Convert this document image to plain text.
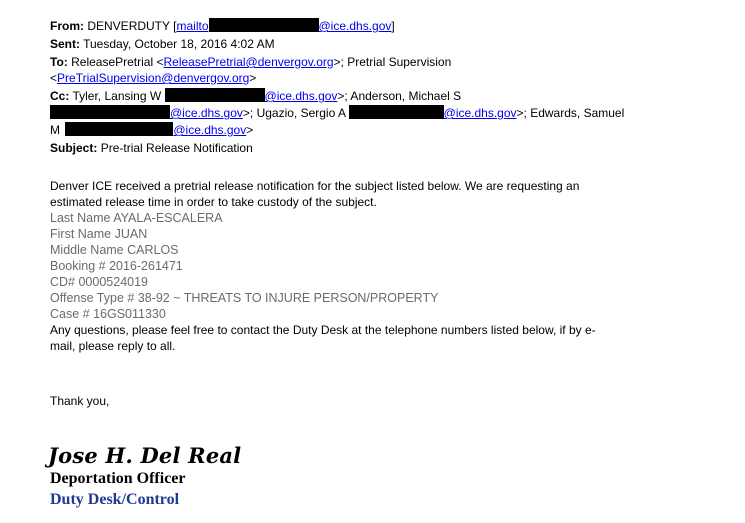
From: DENVERDUTY [mailto	@ice.dhs.gov]
Sent: Tuesday, October 18, 2016 4:02 AM
To: ReleasePretrial <ReleasePretrial@denvergov.org>; Pretrial Supervision
<PreTrialSupervision@denvergov.org>
Cc: Tyler, Lansing W	@ice.dhs.gov>; Anderson, Michael S
@ice.dhs.gov>; Ugazio, Sergio A	@ice.dhs.gov>; Edwards, Samuel
M	@ice.dhs.gov>
Subject: Pre-trial Release Notification
Denver ICE received a pretrial release notification for the subject listed below. We are requesting an
estimated release time in order to take custody of the subject.
Last Name AYALA-ESCALERA
First Name JUAN
Middle Name CARLOS
Booking # 2016-261471
CD# 0000524019
Offense Type # 38-92 ~ THREATS TO INJURE PERSON/PROPERTY
Case # 16GS011330
Any questions, please feel free to contact the Duty Desk at the telephone numbers listed below, if by e-
mail, please reply to all.
Thank you,
Jose H. Del Real
Deportation Officer
Duty Desk/Control
